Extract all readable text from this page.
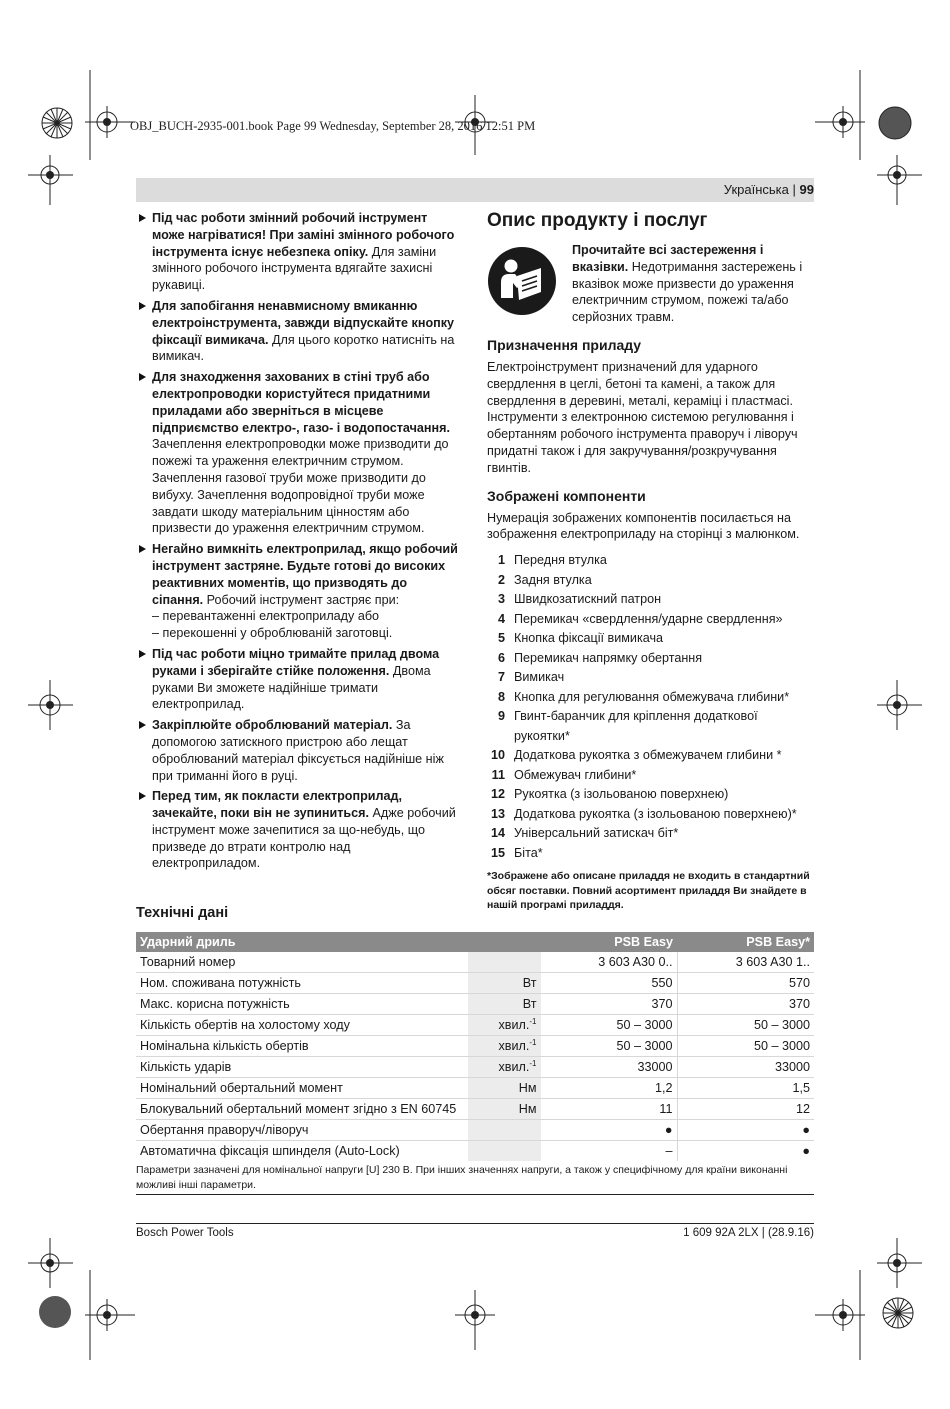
OBJ_BUCH-2935-001.book Page 99 Wednesday, September 28, 2016 12:51 PM
Українська | 99
Під час роботи змінний робочий інструмент може нагріватися! При заміні змінного робочого інструмента існує небезпека опіку. Для заміни змінного робочого інструмента вдягайте захисні рукавиці.
Для запобігання ненавмисному вмиканню електроінструмента, завжди відпускайте кнопку фіксації вимикача. Для цього коротко натисніть на вимикач.
Для знаходження захованих в стіні труб або електропроводки користуйтеся придатними приладами або зверніться в місцеве підприємство електро-, газо- і водопостачання. Зачеплення електропроводки може призводити до пожежі та ураження електричним струмом. Зачеплення газової труби може призводити до вибуху. Зачеплення водопровідної труби може завдати шкоду матеріальним цінностям або призвести до ураження електричним струмом.
Негайно вимкніть електроприлад, якщо робочий інструмент застряне. Будьте готові до високих реактивних моментів, що призводять до сіпання. Робочий інструмент застряє при:
– перевантаженні електроприладу або
– перекошенні у оброблюваній заготовці.
Під час роботи міцно тримайте прилад двома руками і зберігайте стійке положення. Двома руками Ви зможете надійніше тримати електроприлад.
Закріплюйте оброблюваний матеріал. За допомогою затискного пристрою або лещат оброблюваний матеріал фіксується надійніше ніж при триманні його в руці.
Перед тим, як покласти електроприлад, зачекайте, поки він не зупиниться. Адже робочий інструмент може зачепитися за що-небудь, що призведе до втрати контролю над електроприладом.
Опис продукту і послуг
Прочитайте всі застереження і вказівки. Недотримання застережень і вказівок може призвести до ураження електричним струмом, пожежі та/або серйозних травм.
Призначення приладу
Електроінструмент призначений для ударного свердлення в цеглі, бетоні та камені, а також для свердлення в деревині, металі, кераміці і пластмасі. Інструменти з електронною системою регулювання і обертанням робочого інструмента праворуч і ліворуч придатні також і для закручування/розкручування гвинтів.
Зображені компоненти
Нумерація зображених компонентів посилається на зображення електроприладу на сторінці з малюнком.
1 Передня втулка
2 Задня втулка
3 Швидкозатискний патрон
4 Перемикач «свердлення/ударне свердлення»
5 Кнопка фіксації вимикача
6 Перемикач напрямку обертання
7 Вимикач
8 Кнопка для регулювання обмежувача глибини*
9 Гвинт-баранчик для кріплення додаткової рукоятки*
10 Додаткова рукоятка з обмежувачем глибини *
11 Обмежувач глибини*
12 Рукоятка (з ізольованою поверхнею)
13 Додаткова рукоятка (з ізольованою поверхнею)*
14 Універсальний затискач біт*
15 Біта*
*Зображене або описане приладдя не входить в стандартний обсяг поставки. Повний асортимент приладдя Ви знайдете в нашій програмі приладдя.
Технічні дані
Ударний дриль		PSB Easy	PSB Easy*
Товарний номер		3 603 A30 0..	3 603 A30 1..
Ном. споживана потужність	Вт	550	570
Макс. корисна потужність	Вт	370	370
Кількість обертів на холостому ходу	хвил.$^{-1}$	50 – 3000	50 – 3000
Номінальна кількість обертів	хвил.$^{-1}$	50 – 3000	50 – 3000
Кількість ударів	хвил.$^{-1}$	33000	33000
Номінальний обертальний момент	Нм	1,2	1,5
Блокувальний обертальний момент згідно з EN 60745	Нм	11	12
Обертання праворуч/ліворуч		●	●
Автоматична фіксація шпинделя (Auto-Lock)		–	●
Параметри зазначені для номінальної напруги [U] 230 В. При інших значеннях напруги, а також у специфічному для країни виконанні можливі інші параметри.
Bosch Power Tools	1 609 92A 2LX | (28.9.16)
